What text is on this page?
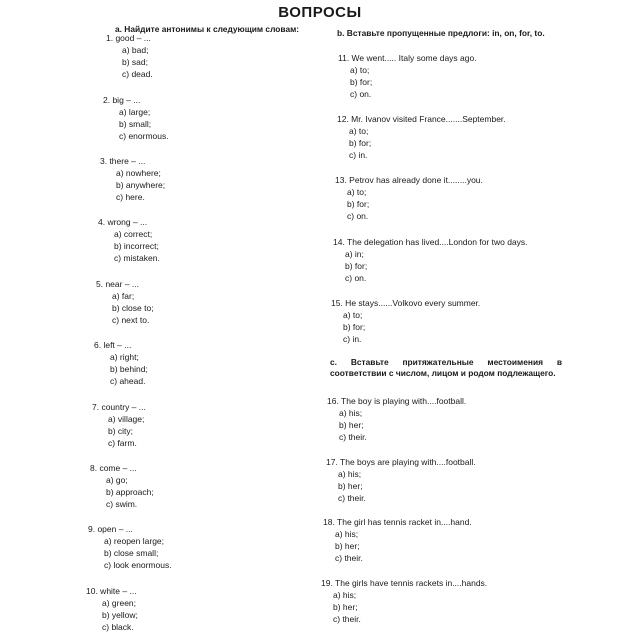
ВОПРОСЫ
a. Найдите антонимы к следующим словам:	b. Вставьте пропущенные предлоги: in, on, for, to.
c. Вставьте притяжательные местоимения в соответствии с числом, лицом и родом подлежащего.
1. good – ...
a) bad;
b) sad;
c) dead.
2. big – ...
a) large;
b) small;
c) enormous.
3. there – ...
a) nowhere;
b) anywhere;
c) here.
4. wrong – ...
a) correct;
b) incorrect;
c) mistaken.
5. near – ...
a) far;
b) close to;
c) next to.
6. left – ...
a) right;
b) behind;
c) ahead.
7. country – ...
a) village;
b) city;
c) farm.
8. come – ...
a) go;
b) approach;
c) swim.
9. open – ...
a) reopen large;
b) close small;
c) look enormous.
10. white – ...
a) green;
b) yellow;
c) black.
11. We went..... Italy some days ago.
a) to;
b) for;
c) on.
12. Mr. Ivanov visited France.......September.
a) to;
b) for;
c) in.
13. Petrov has already done it........you.
a) to;
b) for;
c) on.
14. The delegation has lived....London for two days.
a) in;
b) for;
c) on.
15. He stays......Volkovo every summer.
a) to;
b) for;
c) in.
16. The boy is playing with....football.
a) his;
b) her;
c) their.
17. The boys are playing with....football.
a) his;
b) her;
c) their.
18. The girl has tennis racket in....hand.
a) his;
b) her;
c) their.
19. The girls have tennis rackets in....hands.
a) his;
b) her;
c) their.
